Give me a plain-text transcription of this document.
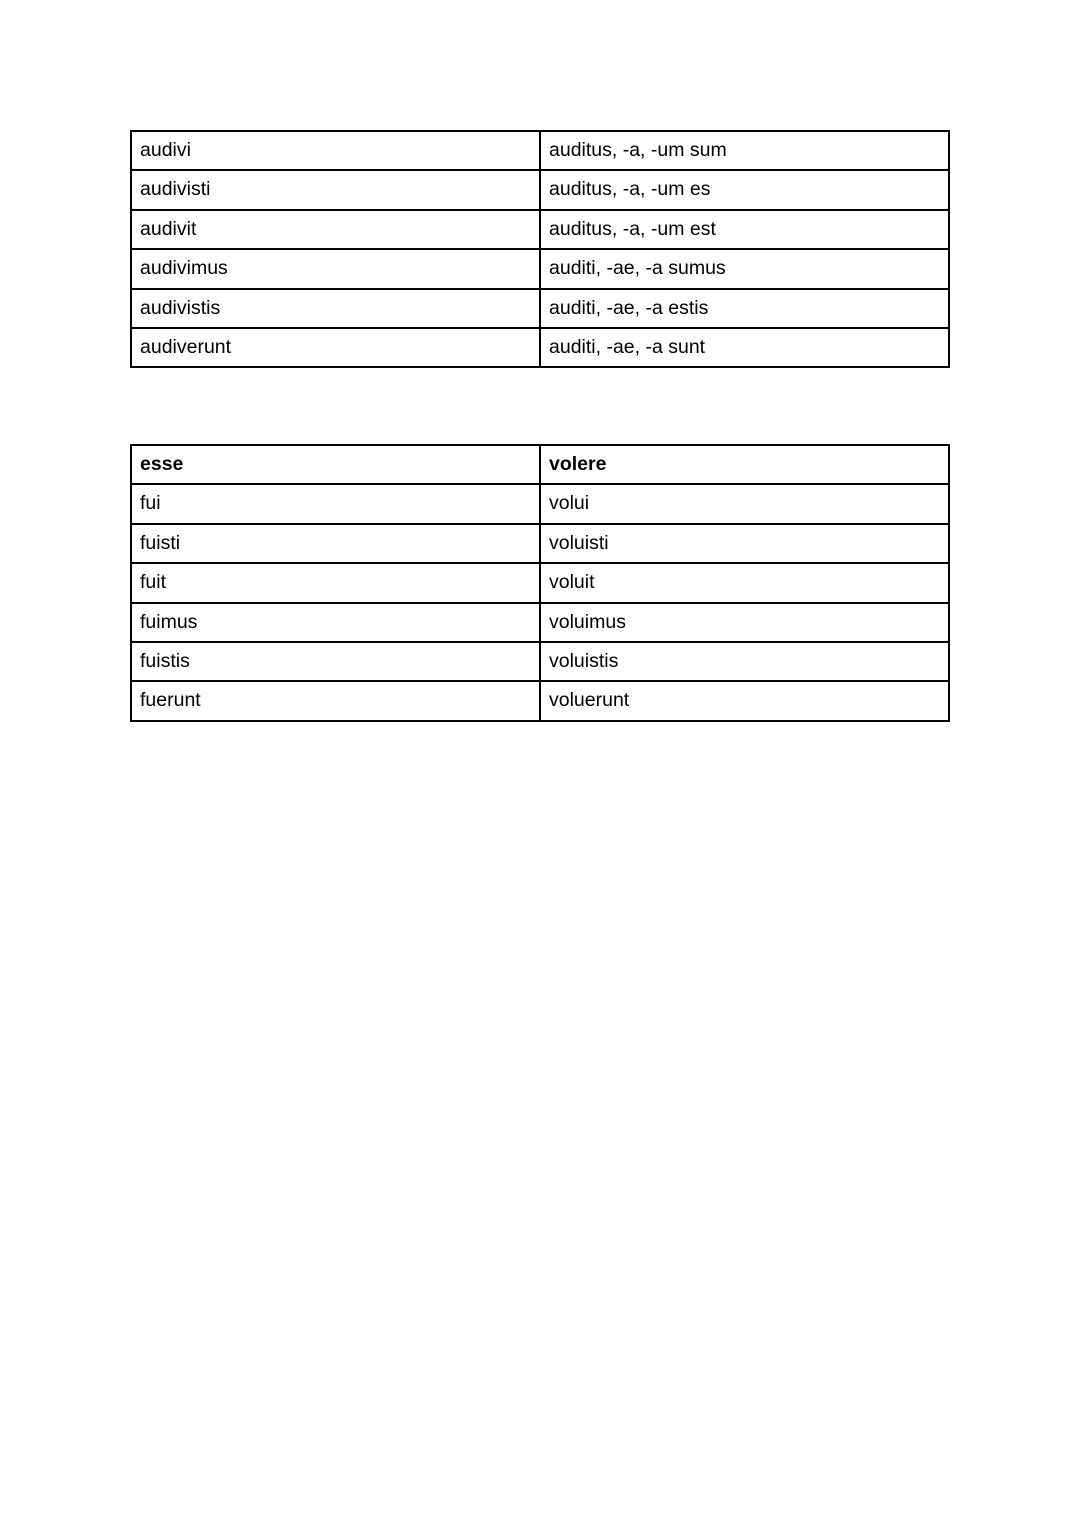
audivi	auditus, -a, -um sum
audivisti	auditus, -a, -um es
audivit	auditus, -a, -um est
audivimus	auditi, -ae, -a sumus
audivistis	auditi, -ae, -a estis
audiverunt	auditi, -ae, -a sunt
esse	volere
fui	volui
fuisti	voluisti
fuit	voluit
fuimus	voluimus
fuistis	voluistis
fuerunt	voluerunt
